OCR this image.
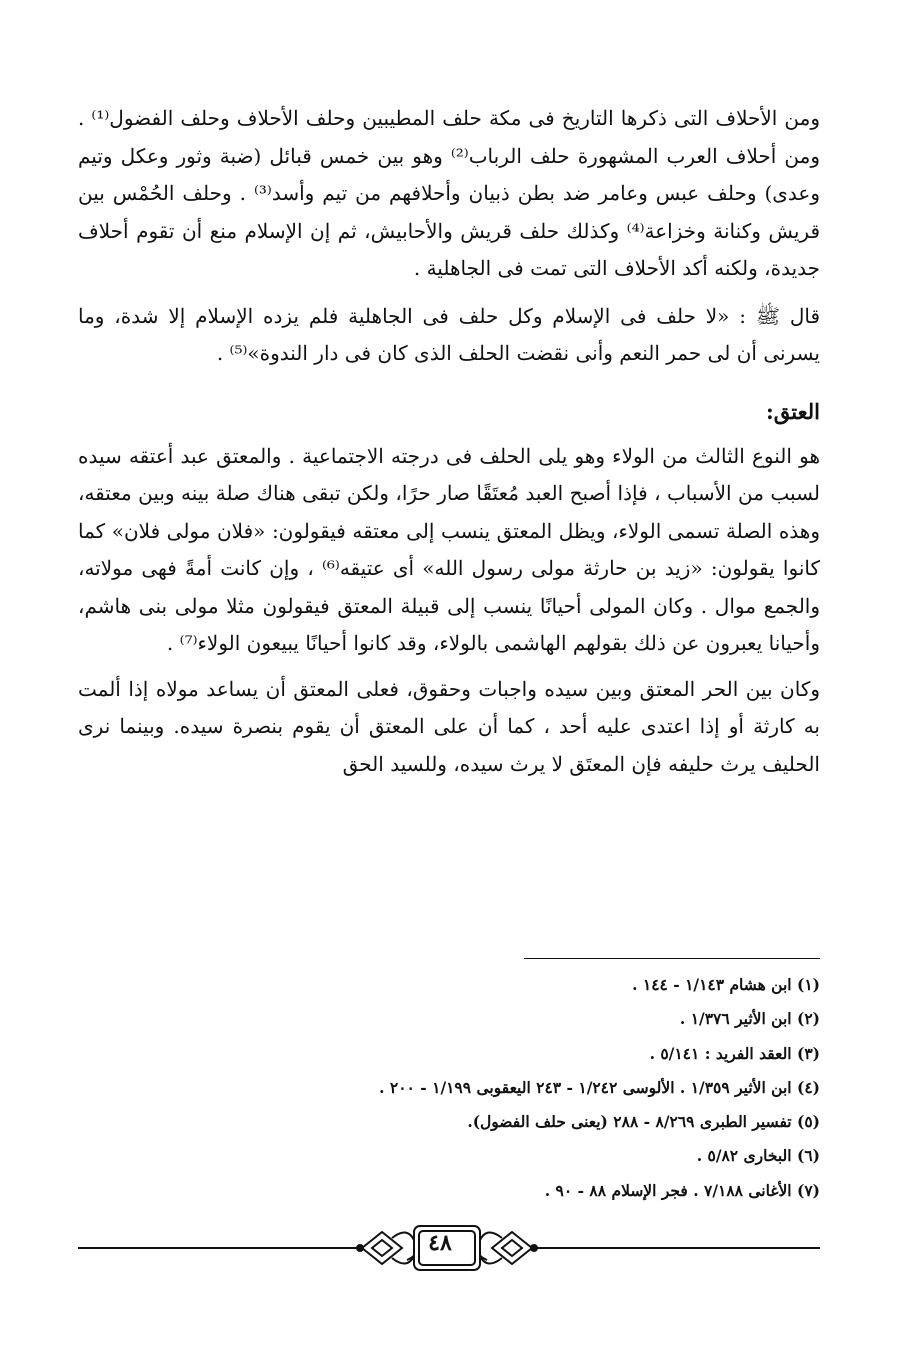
ومن الأحلاف التى ذكرها التاريخ فى مكة حلف المطيبين وحلف الأحلاف وحلف الفضول⁽¹⁾ . ومن أحلاف العرب المشهورة حلف الرباب⁽²⁾ وهو بين خمس قبائل (ضبة وثور وعكل وتيم وعدى) وحلف عبس وعامر ضد بطن ذبيان وأحلافهم من تيم وأسد⁽³⁾ . وحلف الحُمْس بين قريش وكنانة وخزاعة⁽⁴⁾ وكذلك حلف قريش والأحابيش، ثم إن الإسلام منع أن تقوم أحلاف جديدة، ولكنه أكد الأحلاف التى تمت فى الجاهلية .

قال ﷺ : «لا حلف فى الإسلام وكل حلف فى الجاهلية فلم يزده الإسلام إلا شدة، وما يسرنى أن لى حمر النعم وأنى نقضت الحلف الذى كان فى دار الندوة»⁽⁵⁾ .

العتق:

هو النوع الثالث من الولاء وهو يلى الحلف فى درجته الاجتماعية . والمعتق عبد أعتقه سيده لسبب من الأسباب ، فإذا أصبح العبد مُعتَقًا صار حرًا، ولكن تبقى هناك صلة بينه وبين معتقه، وهذه الصلة تسمى الولاء، ويظل المعتق ينسب إلى معتقه فيقولون: «فلان مولى فلان» كما كانوا يقولون: «زيد بن حارثة مولى رسول الله» أى عتيقه⁽⁶⁾ ، وإن كانت أمةً فهى مولاته، والجمع موال . وكان المولى أحيانًا ينسب إلى قبيلة المعتق فيقولون مثلا مولى بنى هاشم، وأحيانا يعبرون عن ذلك بقولهم الهاشمى بالولاء، وقد كانوا أحيانًا يبيعون الولاء⁽⁷⁾ .

وكان بين الحر المعتق وبين سيده واجبات وحقوق، فعلى المعتق أن يساعد مولاه إذا ألمت به كارثة أو إذا اعتدى عليه أحد ، كما أن على المعتق أن يقوم بنصرة سيده. وبينما نرى الحليف يرث حليفه فإن المعتَق لا يرث سيده، وللسيد الحق

(١) ابن هشام ١/١٤٣ - ١٤٤ .

(٢) ابن الأثير ١/٣٧٦ .

(٣) العقد الفريد : ٥/١٤١ .

(٤) ابن الأثير ١/٣٥٩ . الألوسى ١/٢٤٢ - ٢٤٣ اليعقوبى ١/١٩٩ - ٢٠٠ .

(٥) تفسير الطبرى ٨/٢٦٩ - ٢٨٨ (يعنى حلف الفضول).

(٦) البخارى ٥/٨٢ .

(٧) الأغانى ٧/١٨٨ . فجر الإسلام ٨٨ - ٩٠ .

٤٨
